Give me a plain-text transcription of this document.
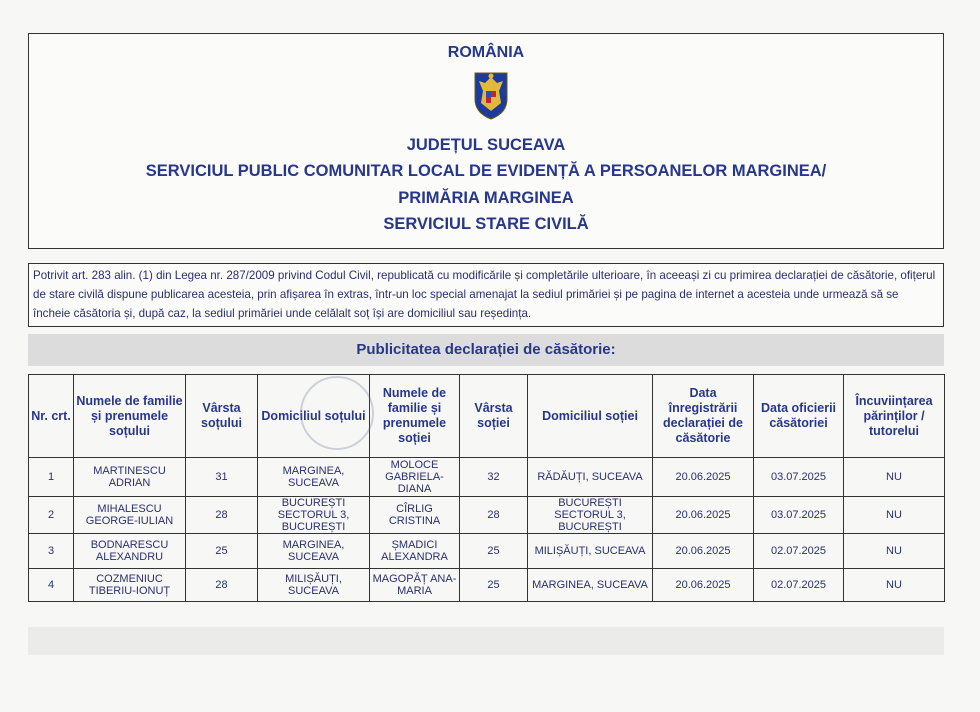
ROMÂNIA
JUDEȚUL SUCEAVA
SERVICIUL PUBLIC COMUNITAR LOCAL DE EVIDENȚĂ A PERSOANELOR MARGINEA/
PRIMĂRIA MARGINEA
SERVICIUL STARE CIVILĂ
Potrivit art. 283 alin. (1) din Legea nr. 287/2009 privind Codul Civil, republicată cu modificările și completările ulterioare, în aceeași zi cu primirea declarației de căsătorie, ofițerul de stare civilă dispune publicarea acesteia, prin afișarea în extras, într-un loc special amenajat la sediul primăriei și pe pagina de internet a acesteia unde urmează să se încheie căsătoria și, după caz, la sediul primăriei unde celălalt soț își are domiciliul sau reședința.
Publicitatea declarației de căsătorie:
Nr. crt.	Numele de familie și prenumele soțului	Vârsta soțului	Domiciliul soțului	Numele de familie și prenumele soției	Vârsta soției	Domiciliul soției	Data înregistrării declarației de căsătorie	Data oficierii căsătoriei	Încuviințarea părinților / tutorelui
1	MARTINESCU ADRIAN	31	MARGINEA, SUCEAVA	MOLOCE GABRIELA-DIANA	32	RĂDĂUȚI, SUCEAVA	20.06.2025	03.07.2025	NU
2	MIHALESCU GEORGE-IULIAN	28	BUCUREȘTI SECTORUL 3, BUCUREȘTI	CÎRLIG CRISTINA	28	BUCUREȘTI SECTORUL 3, BUCUREȘTI	20.06.2025	03.07.2025	NU
3	BODNARESCU ALEXANDRU	25	MARGINEA, SUCEAVA	ȘMADICI ALEXANDRA	25	MILIȘĂUȚI, SUCEAVA	20.06.2025	02.07.2025	NU
4	COZMENIUC TIBERIU-IONUȚ	28	MILIȘĂUȚI, SUCEAVA	MAGOPĂȚ ANA-MARIA	25	MARGINEA, SUCEAVA	20.06.2025	02.07.2025	NU
